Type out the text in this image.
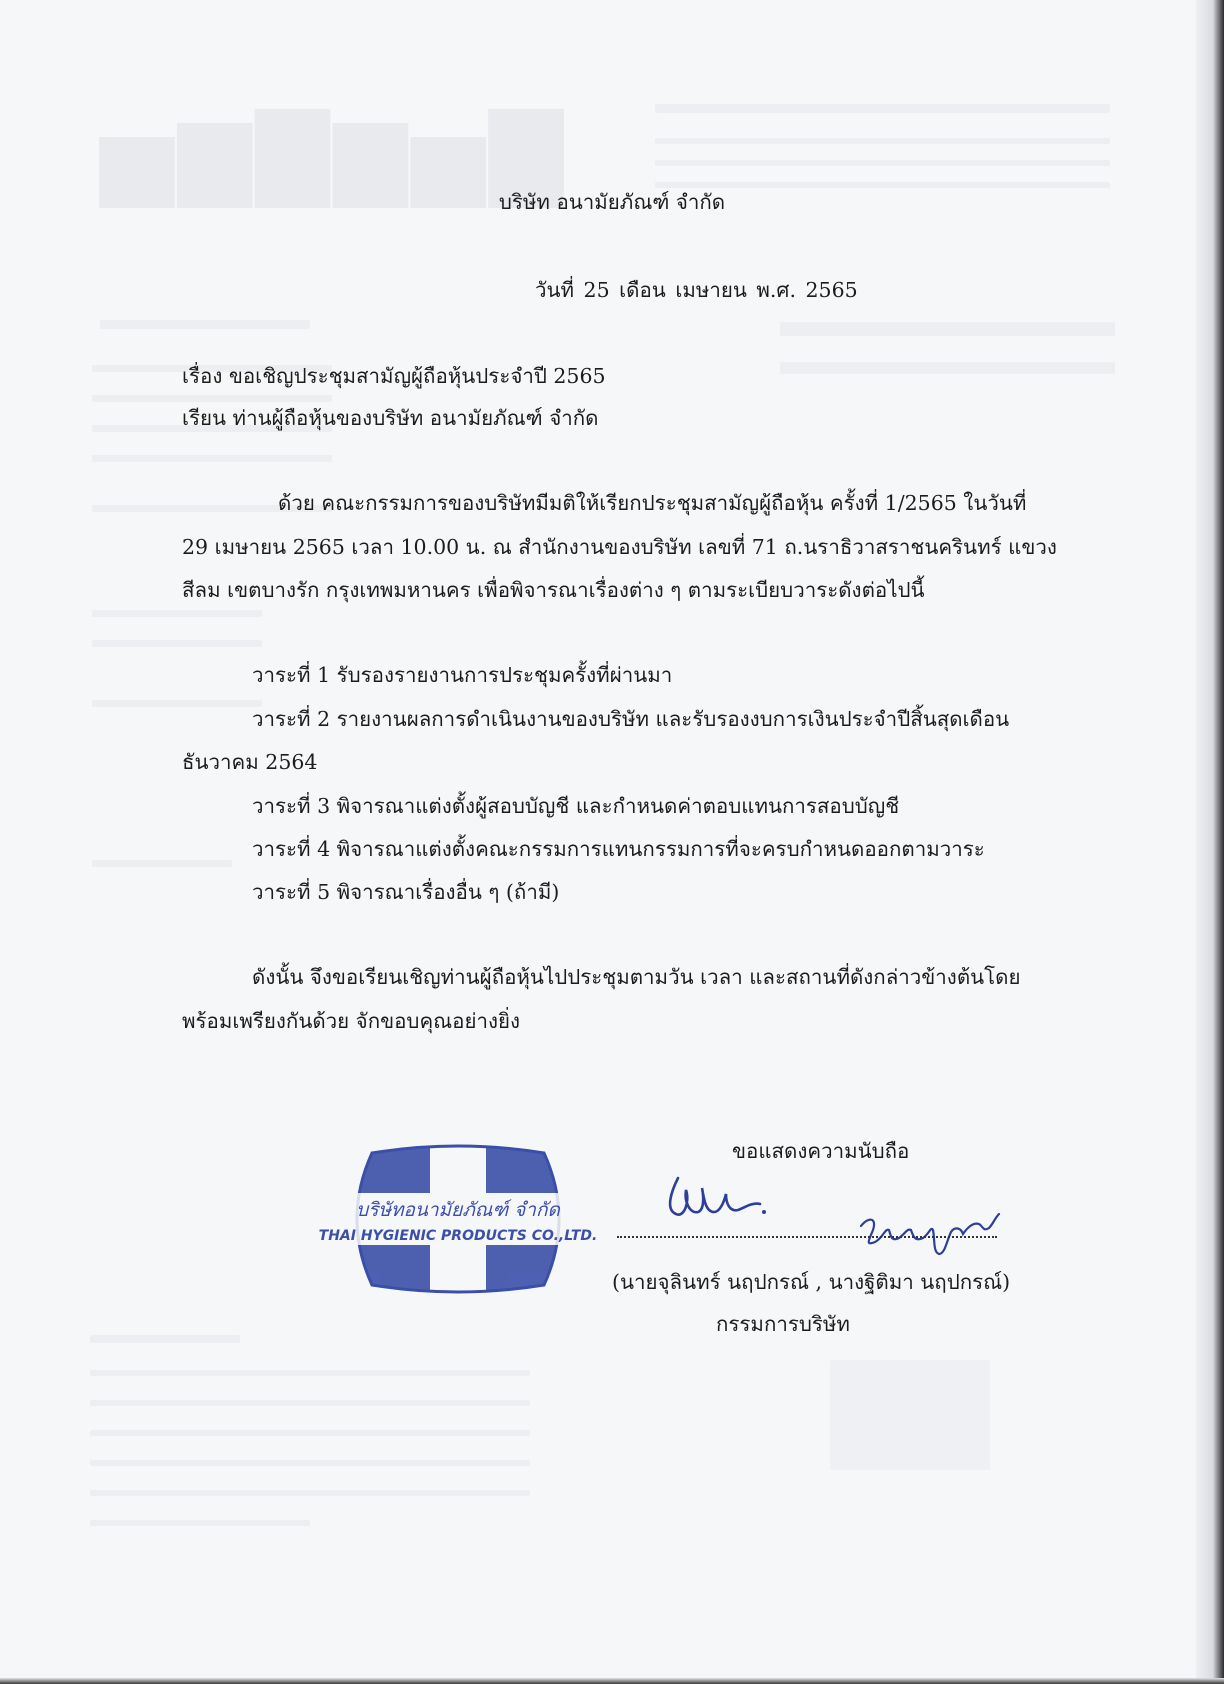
▅▆▇▆▅▇
บริษัท อนามัยภัณฑ์ จำกัด
วันที่ 25 เดือน เมษายน พ.ศ. 2565
เรื่อง ขอเชิญประชุมสามัญผู้ถือหุ้นประจำปี 2565
เรียน ท่านผู้ถือหุ้นของบริษัท อนามัยภัณฑ์ จำกัด
ด้วย คณะกรรมการของบริษัทมีมติให้เรียกประชุมสามัญผู้ถือหุ้น ครั้งที่ 1/2565 ในวันที่
29 เมษายน 2565 เวลา 10.00 น. ณ สำนักงานของบริษัท เลขที่ 71 ถ.นราธิวาสราชนครินทร์ แขวง
สีลม เขตบางรัก กรุงเทพมหานคร เพื่อพิจารณาเรื่องต่าง ๆ ตามระเบียบวาระดังต่อไปนี้
วาระที่ 1 รับรองรายงานการประชุมครั้งที่ผ่านมา
วาระที่ 2 รายงานผลการดำเนินงานของบริษัท และรับรองงบการเงินประจำปีสิ้นสุดเดือน
ธันวาคม 2564
วาระที่ 3 พิจารณาแต่งตั้งผู้สอบบัญชี และกำหนดค่าตอบแทนการสอบบัญชี
วาระที่ 4 พิจารณาแต่งตั้งคณะกรรมการแทนกรรมการที่จะครบกำหนดออกตามวาระ
วาระที่ 5 พิจารณาเรื่องอื่น ๆ (ถ้ามี)
ดังนั้น จึงขอเรียนเชิญท่านผู้ถือหุ้นไปประชุมตามวัน เวลา และสถานที่ดังกล่าวข้างต้นโดย
พร้อมเพรียงกันด้วย จักขอบคุณอย่างยิ่ง
ขอแสดงความนับถือ
บริษัทอนามัยภัณฑ์ จำกัด
THAI HYGIENIC PRODUCTS CO.,LTD.
(นายจุลินทร์ นฤปกรณ์ , นางฐิติมา นฤปกรณ์)
กรรมการบริษัท
